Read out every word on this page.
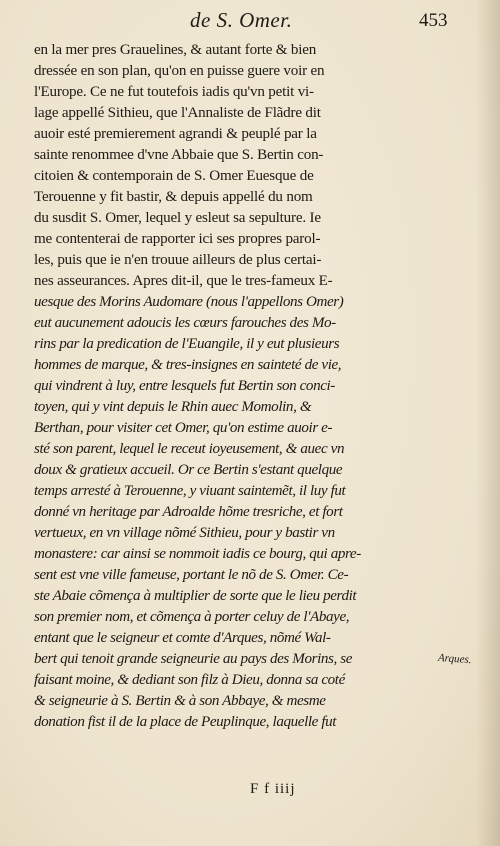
de S. Omer.	453
en la mer pres Grauelines, & autant forte & bien
dressée en son plan, qu'on en puisse guere voir en
l'Europe. Ce ne fut toutefois iadis qu'vn petit vi-
lage appellé Sithieu, que l'Annaliste de Flãdre dit
auoir esté premierement agrandi & peuplé par la
sainte renommee d'vne Abbaie que S. Bertin con-
citoien & contemporain de S. Omer Euesque de
Terouenne y fit bastir, & depuis appellé du nom
du susdit S. Omer, lequel y esleut sa sepulture. Ie
me contenterai de rapporter ici ses propres parol-
les, puis que ie n'en trouue ailleurs de plus certai-
nes asseurances. Apres dit-il, que le tres-fameux E-
uesque des Morins Audomare (nous l'appellons Omer)
eut aucunement adoucis les cœurs farouches des Mo-
rins par la predication de l'Euangile, il y eut plusieurs
hommes de marque, & tres-insignes en sainteté de vie,
qui vindrent à luy, entre lesquels fut Bertin son conci-
toyen, qui y vint depuis le Rhin auec Momolin, &
Berthan, pour visiter cet Omer, qu'on estime auoir e-
sté son parent, lequel le receut ioyeusement, & auec vn
doux & gratieux accueil. Or ce Bertin s'estant quelque
temps arresté à Terouenne, y viuant saintemẽt, il luy fut
donné vn heritage par Adroalde hõme tresriche, et fort
vertueux, en vn village nõmé Sithieu, pour y bastir vn
monastere: car ainsi se nommoit iadis ce bourg, qui apre-
sent est vne ville fameuse, portant le nõ de S. Omer. Ce-
ste Abaie cõmença à multiplier de sorte que le lieu perdit
son premier nom, et cõmença à porter celuy de l'Abaye,
entant que le seigneur et comte d'Arques, nõmé Wal-
bert qui tenoit grande seigneurie au pays des Morins, se
faisant moine, & dediant son filz à Dieu, donna sa coté
& seigneurie à S. Bertin & à son Abbaye, & mesme
donation fist il de la place de Peuplinque, laquelle fut
Arques.
F f iiij
